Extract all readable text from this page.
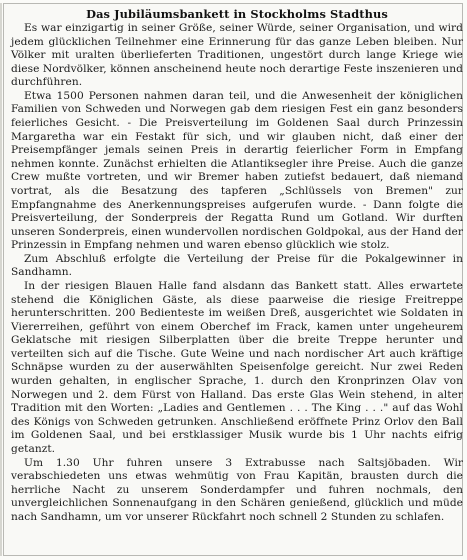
Das Jubiläumsbankett in Stockholms Stadthus

Es war einzigartig in seiner Größe, seiner Würde, seiner Organisation, und wird jedem glücklichen Teilnehmer eine Erinnerung für das ganze Leben bleiben. Nur Völker mit uralten überlieferten Traditionen, ungestört durch lange Kriege wie diese Nordvölker, können anscheinend heute noch derartige Feste inszenieren und durchführen.

Etwa 1500 Personen nahmen daran teil, und die Anwesenheit der königlichen Familien von Schweden und Norwegen gab dem riesigen Fest ein ganz besonders feierliches Gesicht. - Die Preisverteilung im Goldenen Saal durch Prinzessin Margaretha war ein Festakt für sich, und wir glauben nicht, daß einer der Preisempfänger jemals seinen Preis in derartig feierlicher Form in Empfang nehmen konnte. Zunächst erhielten die Atlantiksegler ihre Preise. Auch die ganze Crew mußte vortreten, und wir Bremer haben zutiefst bedauert, daß niemand vortrat, als die Besatzung des tapferen „Schlüssels von Bremen" zur Empfangnahme des Anerkennungspreises aufgerufen wurde. - Dann folgte die Preisverteilung, der Sonderpreis der Regatta Rund um Gotland. Wir durften unseren Sonderpreis, einen wundervollen nordischen Goldpokal, aus der Hand der Prinzessin in Empfang nehmen und waren ebenso glücklich wie stolz.

Zum Abschluß erfolgte die Verteilung der Preise für die Pokalgewinner in Sandhamn.

In der riesigen Blauen Halle fand alsdann das Bankett statt. Alles erwartete stehend die Königlichen Gäste, als diese paarweise die riesige Freitreppe herunterschritten. 200 Bedienteste im weißen Dreß, ausgerichtet wie Soldaten in Viererreihen, geführt von einem Oberchef im Frack, kamen unter ungeheurem Geklatsche mit riesigen Silberplatten über die breite Treppe herunter und verteilten sich auf die Tische. Gute Weine und nach nordischer Art auch kräftige Schnäpse wurden zu der auserwählten Speisenfolge gereicht. Nur zwei Reden wurden gehalten, in englischer Sprache, 1. durch den Kronprinzen Olav von Norwegen und 2. dem Fürst von Halland. Das erste Glas Wein stehend, in alter Tradition mit den Worten: „Ladies and Gentlemen . . . The King . . ." auf das Wohl des Königs von Schweden getrunken. Anschließend eröffnete Prinz Orlov den Ball im Goldenen Saal, und bei erstklassiger Musik wurde bis 1 Uhr nachts eifrig getanzt.

Um 1.30 Uhr fuhren unsere 3 Extrabusse nach Saltsjöbaden. Wir verabschiedeten uns etwas wehmütig von Frau Kapitän, brausten durch die herrliche Nacht zu unserem Sonderdampfer und fuhren nochmals, den unvergleichlichen Sonnenaufgang in den Schären genießend, glücklich und müde nach Sandhamn, um vor unserer Rückfahrt noch schnell 2 Stunden zu schlafen.
